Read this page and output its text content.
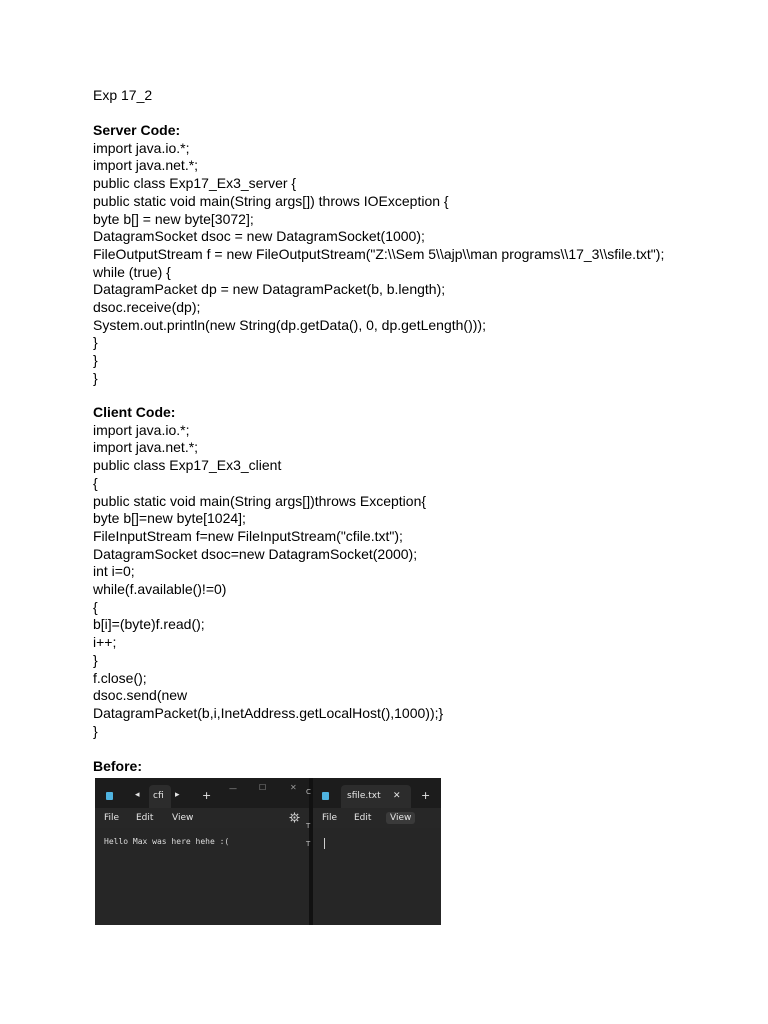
Exp 17_2
Server Code:
import java.io.*;
import java.net.*;
public class Exp17_Ex3_server {
public static void main(String args[]) throws IOException {
byte b[] = new byte[3072];
DatagramSocket dsoc = new DatagramSocket(1000);
FileOutputStream f = new FileOutputStream("Z:\\Sem 5\\ajp\\man programs\\17_3\\sfile.txt");
while (true) {
DatagramPacket dp = new DatagramPacket(b, b.length);
dsoc.receive(dp);
System.out.println(new String(dp.getData(), 0, dp.getLength()));
}
}
}
Client Code:
import java.io.*;
import java.net.*;
public class Exp17_Ex3_client
{
public static void main(String args[])throws Exception{
byte b[]=new byte[1024];
FileInputStream f=new FileInputStream("cfile.txt");
DatagramSocket dsoc=new DatagramSocket(2000);
int i=0;
while(f.available()!=0)
{
b[i]=(byte)f.read();
i++;
}
f.close();
dsoc.send(new
DatagramPacket(b,i,InetAddress.getLocalHost(),1000));}
}
Before:
◂ cfi ▸ +
—	☐	✕
File Edit View
Hello Max was here hehe :(
C
T
T
sfile.txt ✕ +
File Edit	View
